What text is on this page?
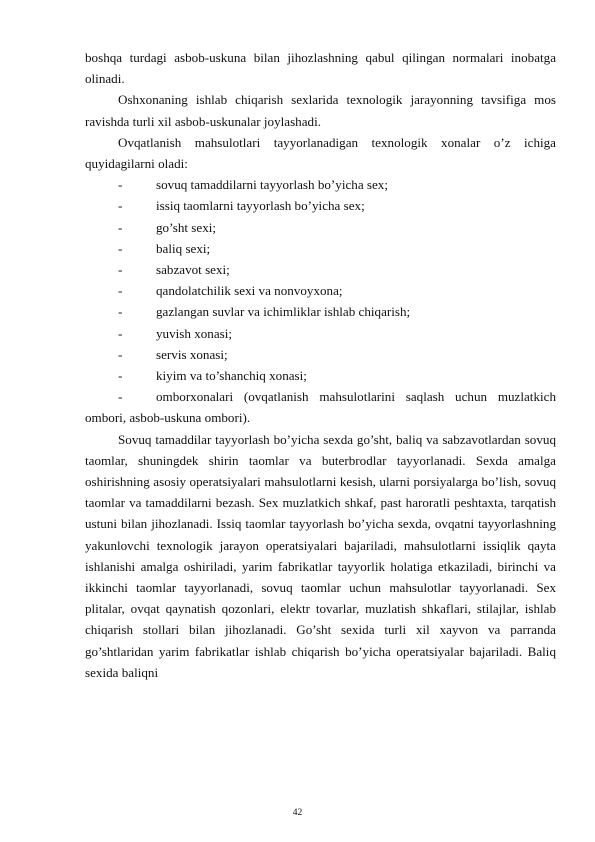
boshqa turdagi asbob-uskuna bilan jihozlashning qabul qilingan normalari inobatga olinadi.

Oshxonaning ishlab chiqarish sexlarida texnologik jarayonning tavsifiga mos ravishda turli xil asbob-uskunalar joylashadi.

Ovqatlanish mahsulotlari tayyorlanadigan texnologik xonalar o’z ichiga quyidagilarni oladi:

-	sovuq tamaddilarni tayyorlash bo’yicha sex;
-	issiq taomlarni tayyorlash bo’yicha sex;
-	go’sht sexi;
-	baliq sexi;
-	sabzavot sexi;
-	qandolatchilik sexi va nonvoyxona;
-	gazlangan suvlar va ichimliklar ishlab chiqarish;
-	yuvish xonasi;
-	servis xonasi;
-	kiyim va to’shanchiq xonasi;
-	omborxonalari (ovqatlanish mahsulotlarini saqlash uchun muzlatkich ombori, asbob-uskuna ombori).

Sovuq tamaddilar tayyorlash bo’yicha sexda go’sht, baliq va sabzavotlardan sovuq taomlar, shuningdek shirin taomlar va buterbrodlar tayyorlanadi. Sexda amalga oshirishning asosiy operatsiyalari mahsulotlarni kesish, ularni porsiyalarga bo’lish, sovuq taomlar va tamaddilarni bezash. Sex muzlatkich shkaf, past haroratli peshtaxta, tarqatish ustuni bilan jihozlanadi. Issiq taomlar tayyorlash bo’yicha sexda, ovqatni tayyorlashning yakunlovchi texnologik jarayon operatsiyalari bajariladi, mahsulotlarni issiqlik qayta ishlanishi amalga oshiriladi, yarim fabrikatlar tayyorlik holatiga etkaziladi, birinchi va ikkinchi taomlar tayyorlanadi, sovuq taomlar uchun mahsulotlar tayyorlanadi. Sex plitalar, ovqat qaynatish qozonlari, elektr tovarlar, muzlatish shkaflari, stilajlar, ishlab chiqarish stollari bilan jihozlanadi. Go’sht sexida turli xil xayvon va parranda go’shtlaridan yarim fabrikatlar ishlab chiqarish bo’yicha operatsiyalar bajariladi. Baliq sexida baliqni

42
